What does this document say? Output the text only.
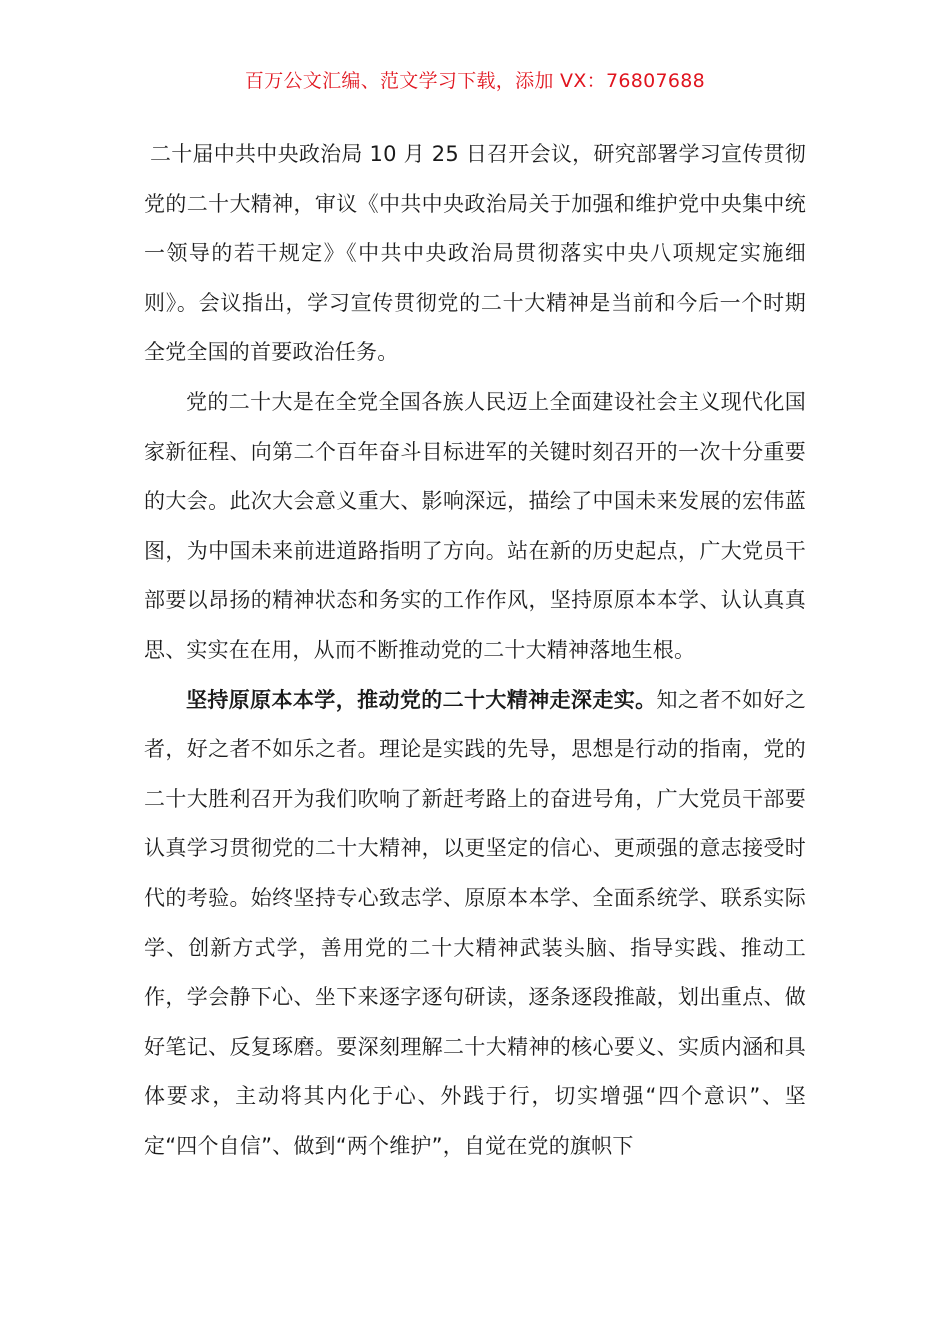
百万公文汇编、范文学习下载，添加 VX：76807688

二十届中共中央政治局 10 月 25 日召开会议，研究部署学习宣传贯彻党的二十大精神，审议《中共中央政治局关于加强和维护党中央集中统一领导的若干规定》《中共中央政治局贯彻落实中央八项规定实施细则》。会议指出，学习宣传贯彻党的二十大精神是当前和今后一个时期全党全国的首要政治任务。

党的二十大是在全党全国各族人民迈上全面建设社会主义现代化国家新征程、向第二个百年奋斗目标进军的关键时刻召开的一次十分重要的大会。此次大会意义重大、影响深远，描绘了中国未来发展的宏伟蓝图，为中国未来前进道路指明了方向。站在新的历史起点，广大党员干部要以昂扬的精神状态和务实的工作作风，坚持原原本本学、认认真真思、实实在在用，从而不断推动党的二十大精神落地生根。

坚持原原本本学，推动党的二十大精神走深走实。知之者不如好之者，好之者不如乐之者。理论是实践的先导，思想是行动的指南，党的二十大胜利召开为我们吹响了新赶考路上的奋进号角，广大党员干部要认真学习贯彻党的二十大精神，以更坚定的信心、更顽强的意志接受时代的考验。始终坚持专心致志学、原原本本学、全面系统学、联系实际学、创新方式学，善用党的二十大精神武装头脑、指导实践、推动工作，学会静下心、坐下来逐字逐句研读，逐条逐段推敲，划出重点、做好笔记、反复琢磨。要深刻理解二十大精神的核心要义、实质内涵和具体要求，主动将其内化于心、外践于行，切实增强“四个意识”、坚定“四个自信”、做到“两个维护”，自觉在党的旗帜下
